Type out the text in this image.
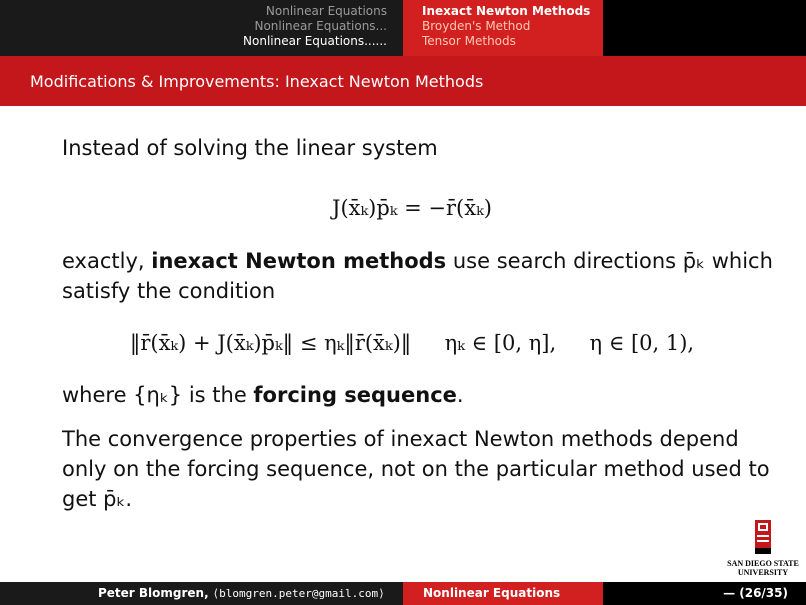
Nonlinear Equations
Nonlinear Equations...
Nonlinear Equations......
Inexact Newton Methods
Broyden's Method
Tensor Methods
Modifications & Improvements: Inexact Newton Methods
Instead of solving the linear system
J(x̄ₖ)p̄ₖ = −r̄(x̄ₖ)
exactly, inexact Newton methods use search directions p̄ₖ which
satisfy the condition
‖r̄(x̄ₖ) + J(x̄ₖ)p̄ₖ‖ ≤ ηₖ‖r̄(x̄ₖ)‖     ηₖ ∈ [0, η],     η ∈ [0, 1),
where {ηₖ} is the forcing sequence.
The convergence properties of inexact Newton methods depend
only on the forcing sequence, not on the particular method used to
get p̄ₖ.
SAN DIEGO STATE
UNIVERSITY
Peter Blomgren, ⟨blomgren.peter@gmail.com⟩	Nonlinear Equations	— (26/35)
